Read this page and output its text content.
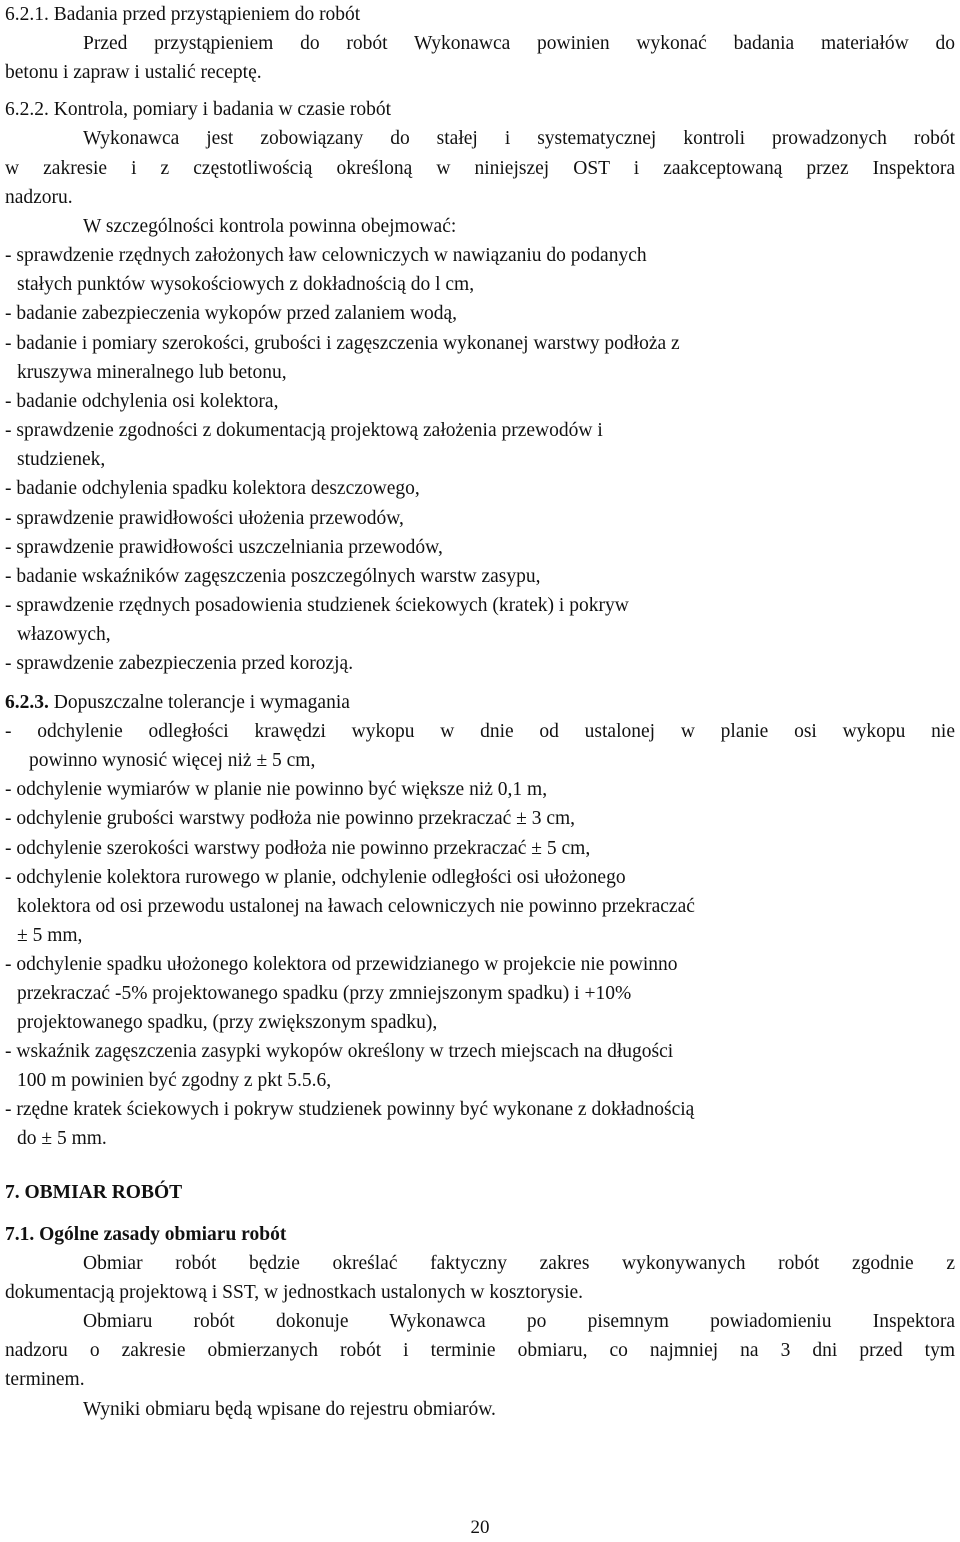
6.2.1. Badania przed przystąpieniem do robót
Przed przystąpieniem do robót Wykonawca powinien wykonać badania materiałów do
betonu i zapraw i ustalić receptę.
6.2.2. Kontrola, pomiary i badania w czasie robót
Wykonawca jest zobowiązany do stałej i systematycznej kontroli prowadzonych robót
w zakresie i z częstotliwością określoną w niniejszej OST i zaakceptowaną przez Inspektora
nadzoru.
W szczególności kontrola powinna obejmować:
- sprawdzenie rzędnych założonych ław celowniczych w nawiązaniu do podanych
stałych punktów wysokościowych z dokładnością do l cm,
- badanie zabezpieczenia wykopów przed zalaniem wodą,
- badanie i pomiary szerokości, grubości i zagęszczenia wykonanej warstwy podłoża z
kruszywa mineralnego lub betonu,
- badanie odchylenia osi kolektora,
- sprawdzenie zgodności z dokumentacją projektową założenia przewodów i
studzienek,
- badanie odchylenia spadku kolektora deszczowego,
- sprawdzenie prawidłowości ułożenia przewodów,
- sprawdzenie prawidłowości uszczelniania przewodów,
- badanie wskaźników zagęszczenia poszczególnych warstw zasypu,
- sprawdzenie rzędnych posadowienia studzienek ściekowych (kratek) i pokryw
włazowych,
- sprawdzenie zabezpieczenia przed korozją.
6.2.3. Dopuszczalne tolerancje i wymagania
- odchylenie odległości krawędzi wykopu w dnie od ustalonej w planie osi wykopu nie
powinno wynosić więcej niż ± 5 cm,
- odchylenie wymiarów w planie nie powinno być większe niż 0,1 m,
- odchylenie grubości warstwy podłoża nie powinno przekraczać ± 3 cm,
- odchylenie szerokości warstwy podłoża nie powinno przekraczać ± 5 cm,
- odchylenie kolektora rurowego w planie, odchylenie odległości osi ułożonego
kolektora od osi przewodu ustalonej na ławach celowniczych nie powinno przekraczać
± 5 mm,
- odchylenie spadku ułożonego kolektora od przewidzianego w projekcie nie powinno
przekraczać -5% projektowanego spadku (przy zmniejszonym spadku) i +10%
projektowanego spadku, (przy zwiększonym spadku),
- wskaźnik zagęszczenia zasypki wykopów określony w trzech miejscach na długości
100 m powinien być zgodny z pkt 5.5.6,
- rzędne kratek ściekowych i pokryw studzienek powinny być wykonane z dokładnością
do ± 5 mm.
7. OBMIAR ROBÓT
7.1. Ogólne zasady obmiaru robót
Obmiar robót będzie określać faktyczny zakres wykonywanych robót zgodnie z
dokumentacją projektową i SST, w jednostkach ustalonych w kosztorysie.
Obmiaru robót dokonuje Wykonawca po pisemnym powiadomieniu Inspektora
nadzoru o zakresie obmierzanych robót i terminie obmiaru, co najmniej na 3 dni przed tym
terminem.
Wyniki obmiaru będą wpisane do rejestru obmiarów.
20
